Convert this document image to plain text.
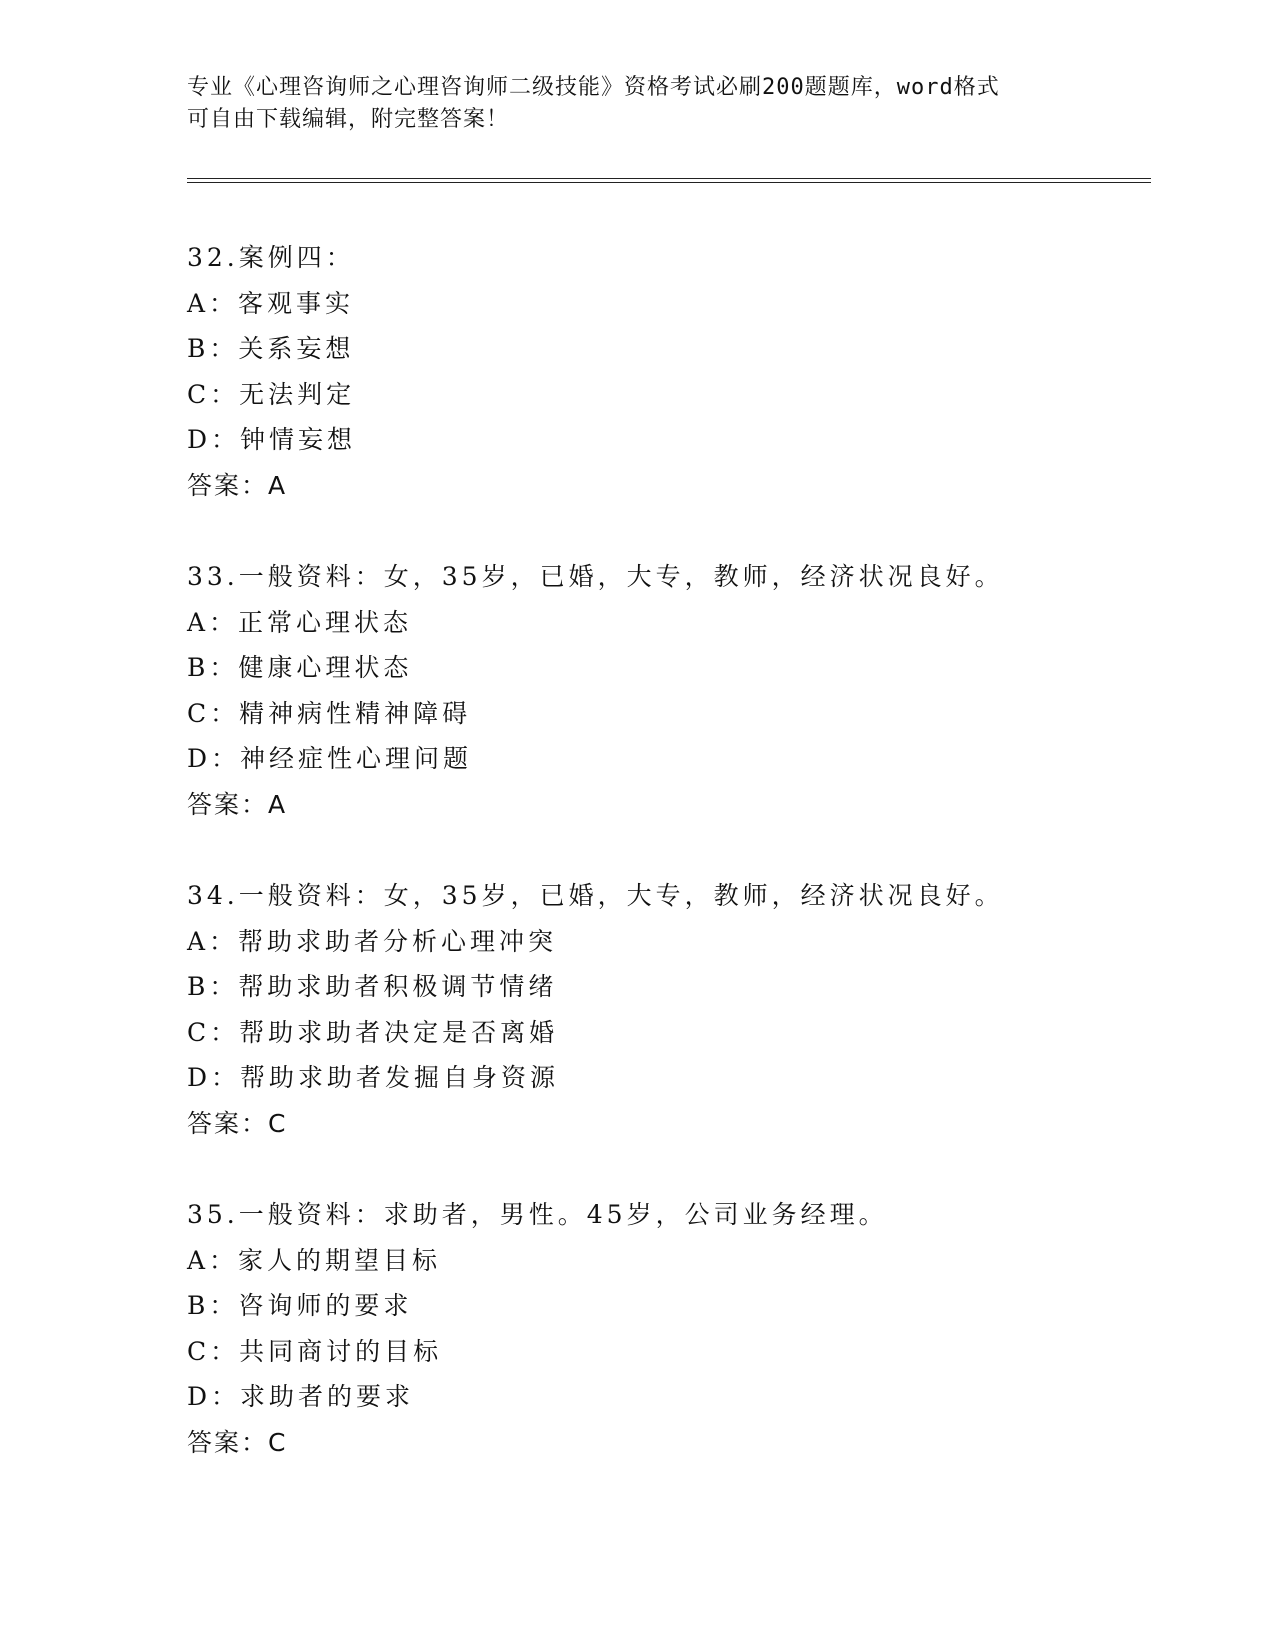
专业《心理咨询师之心理咨询师二级技能》资格考试必刷200题题库，word格式
可自由下载编辑，附完整答案！
32.案例四：
A：客观事实
B：关系妄想
C：无法判定
D：钟情妄想
答案：A
33.一般资料：女，35岁，已婚，大专，教师，经济状况良好。
A：正常心理状态
B：健康心理状态
C：精神病性精神障碍
D：神经症性心理问题
答案：A
34.一般资料：女，35岁，已婚，大专，教师，经济状况良好。
A：帮助求助者分析心理冲突
B：帮助求助者积极调节情绪
C：帮助求助者决定是否离婚
D：帮助求助者发掘自身资源
答案：C
35.一般资料：求助者，男性。45岁，公司业务经理。
A：家人的期望目标
B：咨询师的要求
C：共同商讨的目标
D：求助者的要求
答案：C
